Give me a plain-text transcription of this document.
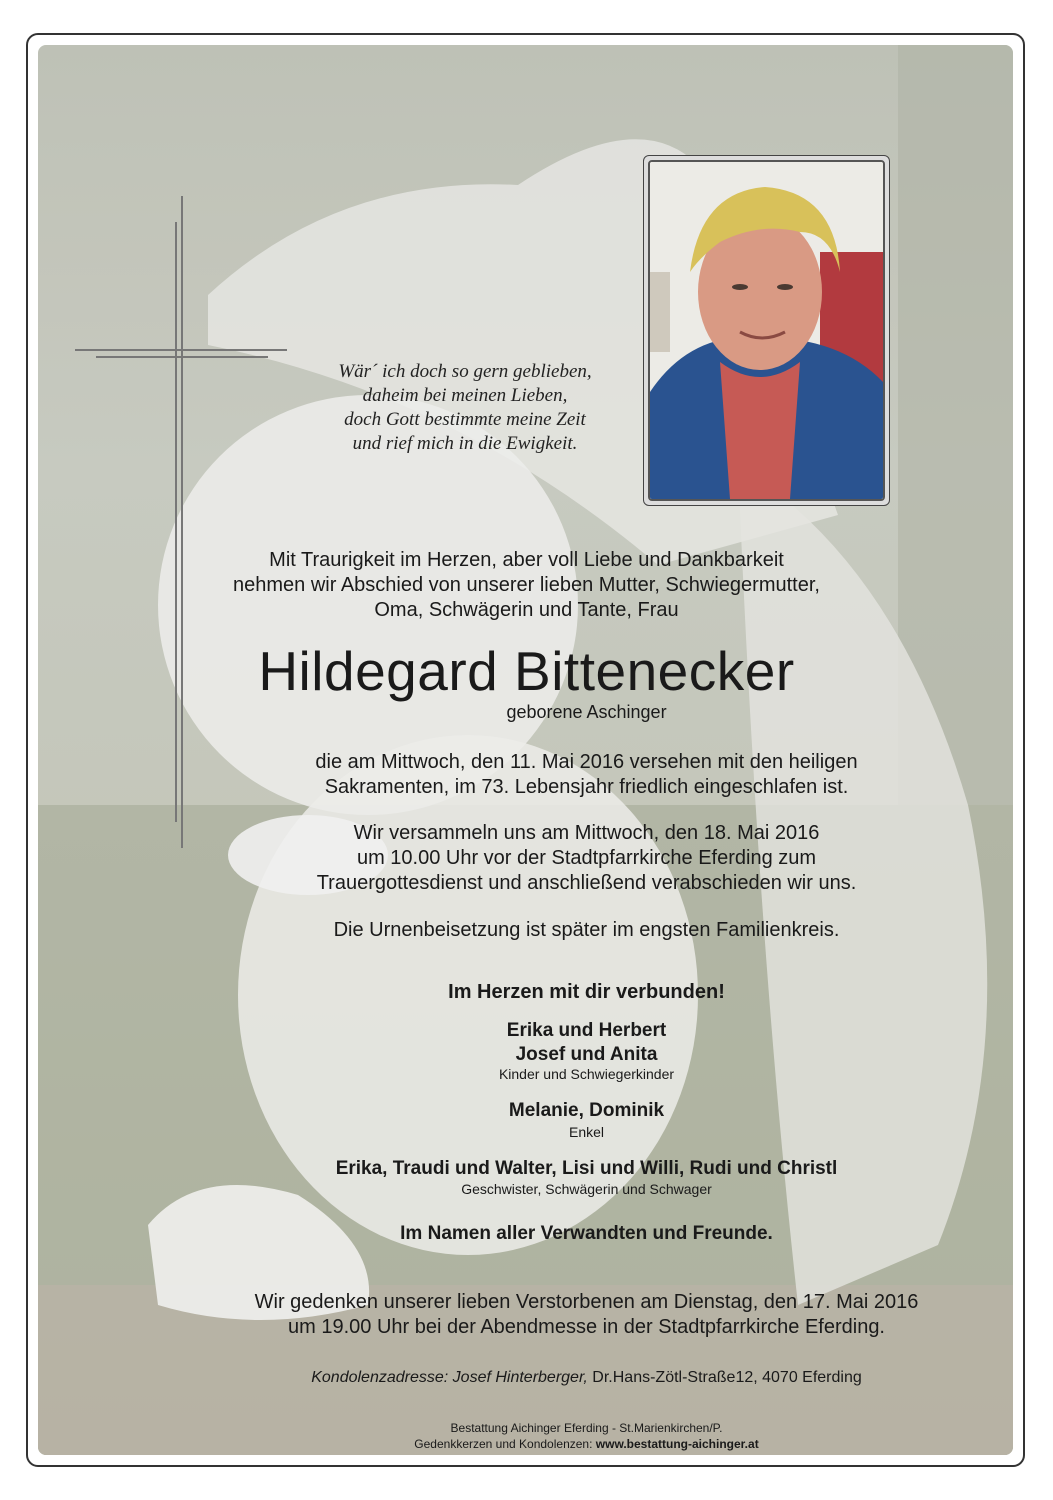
Wär´ ich doch so gern geblieben,
daheim bei meinen Lieben,
doch Gott bestimmte meine Zeit
und rief mich in die Ewigkeit.
Mit Traurigkeit im Herzen, aber voll Liebe und Dankbarkeit
nehmen wir Abschied von unserer lieben Mutter, Schwiegermutter,
Oma, Schwägerin und Tante, Frau
Hildegard Bittenecker
geborene Aschinger
die am Mittwoch, den 11. Mai 2016 versehen mit den heiligen
Sakramenten, im 73. Lebensjahr friedlich eingeschlafen ist.
Wir versammeln uns am Mittwoch, den 18. Mai 2016
um 10.00 Uhr vor der Stadtpfarrkirche Eferding zum
Trauergottesdienst und anschließend verabschieden wir uns.
Die Urnenbeisetzung ist später im engsten Familienkreis.
Im Herzen mit dir verbunden!
Erika und Herbert
Josef und Anita
Kinder und Schwiegerkinder
Melanie, Dominik
Enkel
Erika, Traudi und Walter, Lisi und Willi, Rudi und Christl
Geschwister, Schwägerin und Schwager
Im Namen aller Verwandten und Freunde.
Wir gedenken unserer lieben Verstorbenen am Dienstag, den 17. Mai 2016
um 19.00 Uhr bei der Abendmesse in der Stadtpfarrkirche Eferding.
Kondolenzadresse: Josef Hinterberger, Dr.Hans-Zötl-Straße12, 4070 Eferding
Bestattung Aichinger Eferding - St.Marienkirchen/P.
Gedenkkerzen und Kondolenzen: www.bestattung-aichinger.at
